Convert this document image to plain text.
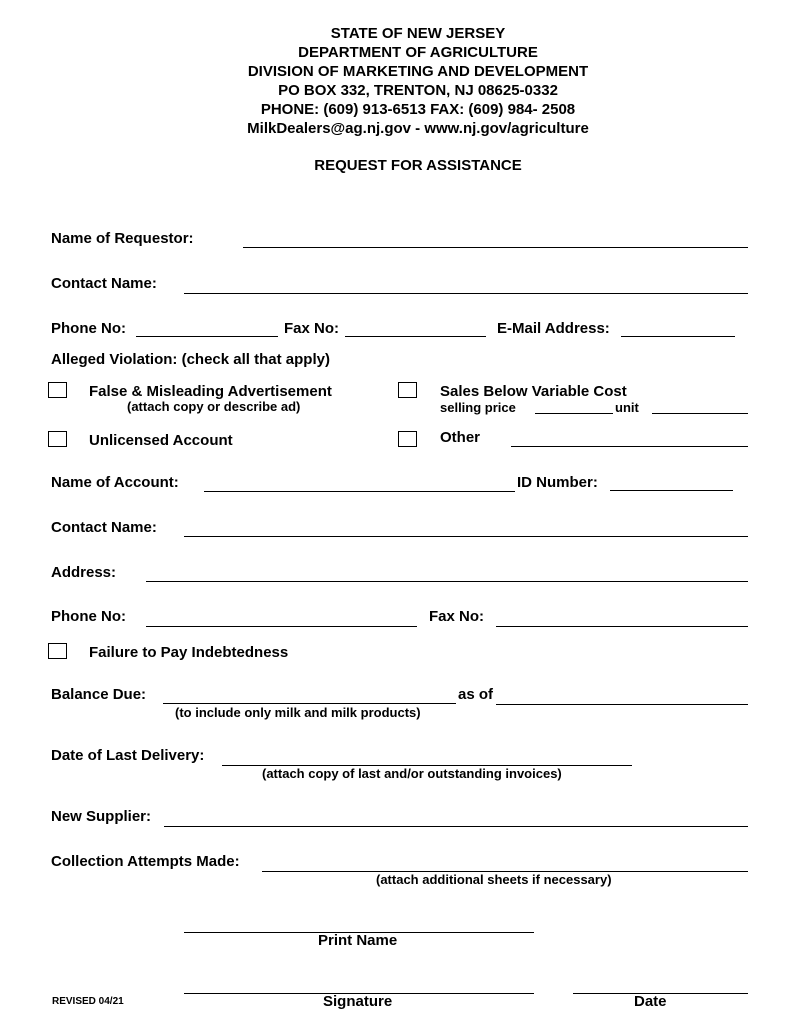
STATE OF NEW JERSEY
DEPARTMENT OF AGRICULTURE
DIVISION OF MARKETING AND DEVELOPMENT
PO BOX 332, TRENTON, NJ 08625-0332
PHONE: (609) 913-6513 FAX: (609) 984- 2508
MilkDealers@ag.nj.gov - www.nj.gov/agriculture
REQUEST FOR ASSISTANCE
Name of Requestor:
Contact Name:
Phone No:	Fax No:	E-Mail Address:
Alleged Violation: (check all that apply)
False & Misleading Advertisement
(attach copy or describe ad)
Sales Below Variable Cost
selling price	unit
Unlicensed Account	Other
Name of Account:	ID Number:
Contact Name:
Address:
Phone No:	Fax No:
Failure to Pay Indebtedness
Balance Due:	as of
(to include only milk and milk products)
Date of Last Delivery:
(attach copy of last and/or outstanding invoices)
New Supplier:
Collection Attempts Made:
(attach additional sheets if necessary)
Print Name
Signature	Date
REVISED 04/21
